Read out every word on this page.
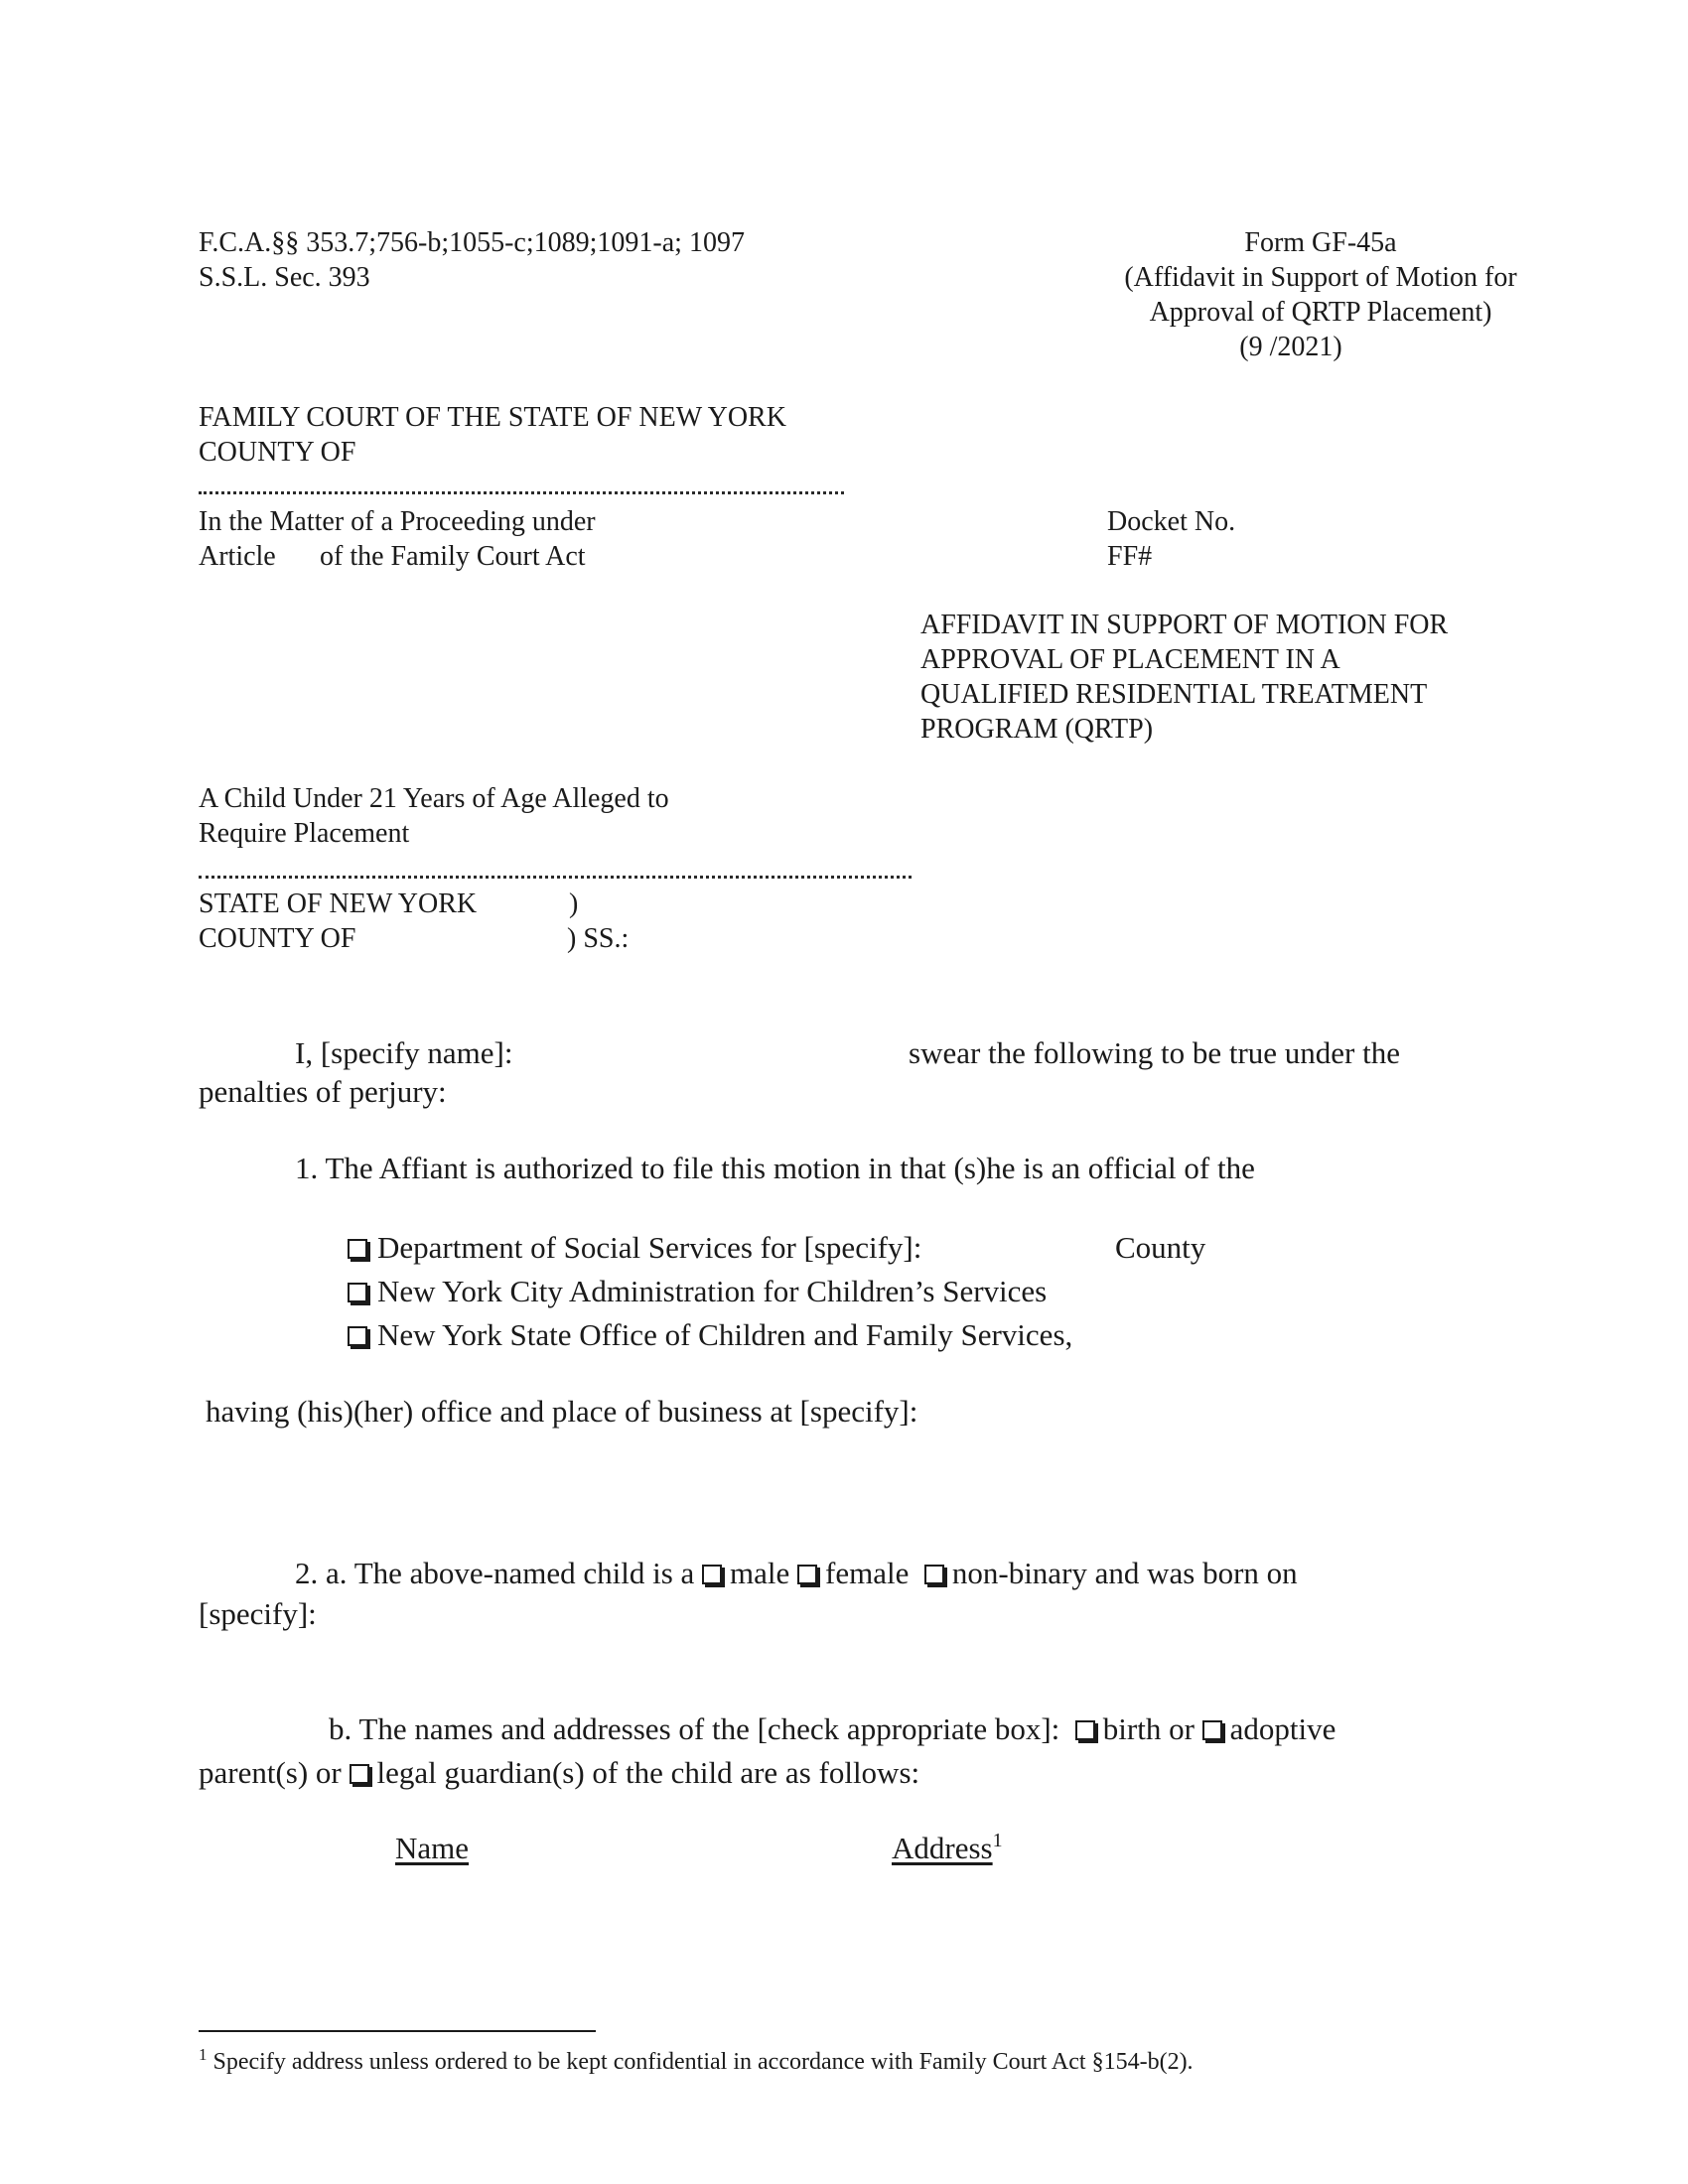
F.C.A.§§ 353.7;756-b;1055-c;1089;1091-a; 1097
S.S.L. Sec. 393
Form GF-45a
(Affidavit in Support of Motion for
Approval of QRTP Placement)
(9 /2021)
FAMILY COURT OF THE STATE OF NEW YORK
COUNTY OF
In the Matter of a Proceeding under
Article of the Family Court Act
Docket No.
FF#
AFFIDAVIT IN SUPPORT OF MOTION FOR
APPROVAL OF PLACEMENT IN A
QUALIFIED RESIDENTIAL TREATMENT
PROGRAM (QRTP)
A Child Under 21 Years of Age Alleged to
Require Placement
STATE OF NEW YORK	)
COUNTY OF	) SS.:
I, [specify name]:	swear the following to be true under the
penalties of perjury:
1. The Affiant is authorized to file this motion in that (s)he is an official of the
Department of Social Services for [specify]:	County
New York City Administration for Children’s Services
New York State Office of Children and Family Services,
having (his)(her) office and place of business at [specify]:
2. a. The above-named child is a male female non-binary and was born on
[specify]:
b. The names and addresses of the [check appropriate box]: birth or adoptive
parent(s) or legal guardian(s) of the child are as follows:
Name	Address$^1$
$^1$ Specify address unless ordered to be kept confidential in accordance with Family Court Act §154-b(2).
